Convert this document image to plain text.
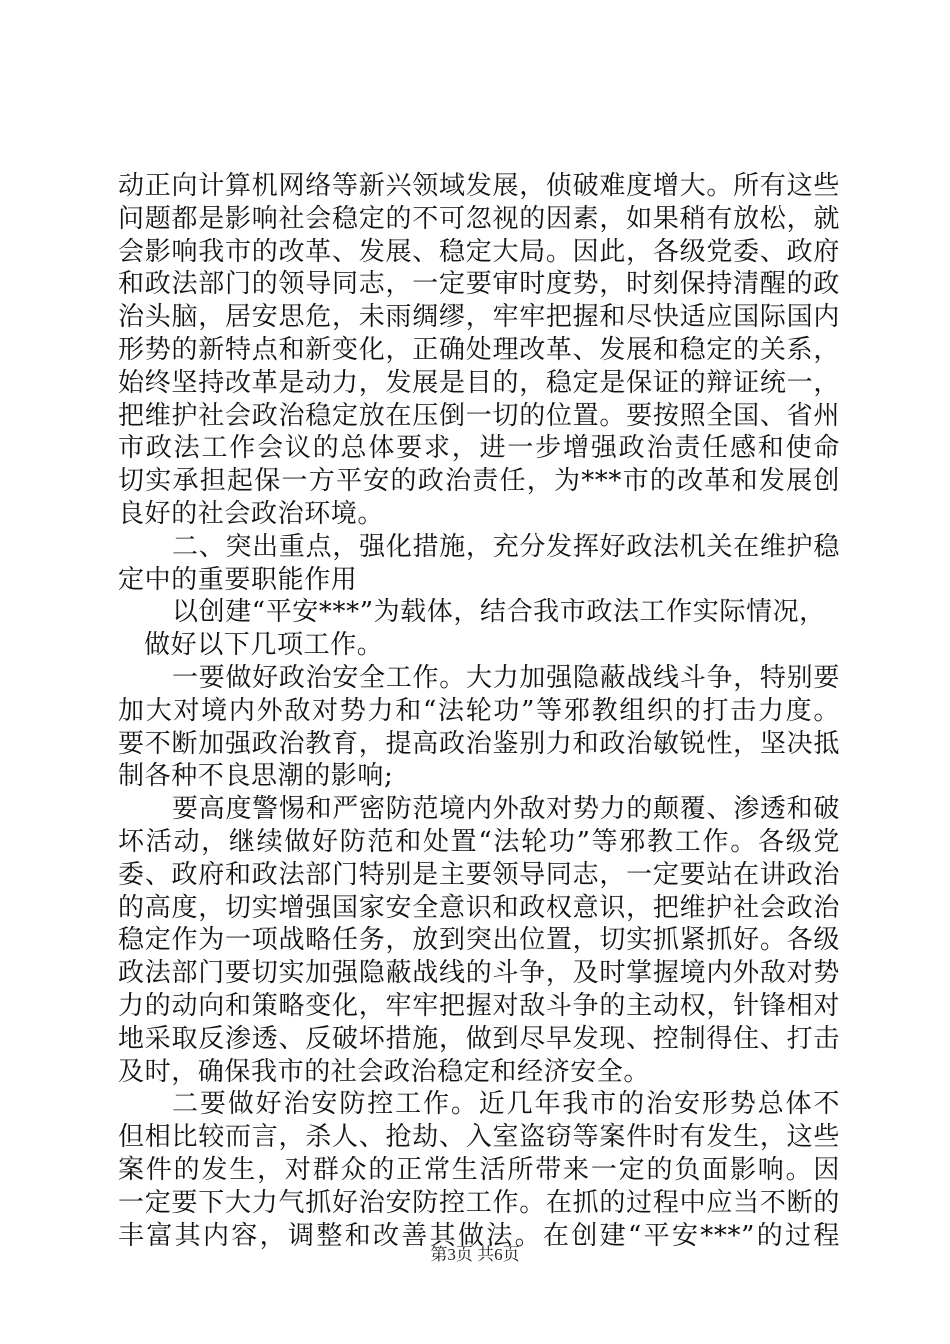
动正向计算机网络等新兴领域发展，侦破难度增大。所有这些
问题都是影响社会稳定的不可忽视的因素，如果稍有放松，就
会影响我市的改革、发展、稳定大局。因此，各级党委、政府
和政法部门的领导同志，一定要审时度势，时刻保持清醒的政
治头脑，居安思危，未雨绸缪，牢牢把握和尽快适应国际国内
形势的新特点和新变化，正确处理改革、发展和稳定的关系，
始终坚持改革是动力，发展是目的，稳定是保证的辩证统一，
把维护社会政治稳定放在压倒一切的位置。要按照全国、省州
市政法工作会议的总体要求，进一步增强政治责任感和使命
切实承担起保一方平安的政治责任，为***市的改革和发展创
良好的社会政治环境。
二、突出重点，强化措施，充分发挥好政法机关在维护稳
定中的重要职能作用
以创建“平安***”为载体，结合我市政法工作实际情况，
做好以下几项工作。
一要做好政治安全工作。大力加强隐蔽战线斗争，特别要
加大对境内外敌对势力和“法轮功”等邪教组织的打击力度。
要不断加强政治教育，提高政治鉴别力和政治敏锐性，坚决抵
制各种不良思潮的影响;
要高度警惕和严密防范境内外敌对势力的颠覆、渗透和破
坏活动，继续做好防范和处置“法轮功”等邪教工作。各级党
委、政府和政法部门特别是主要领导同志，一定要站在讲政治
的高度，切实增强国家安全意识和政权意识，把维护社会政治
稳定作为一项战略任务，放到突出位置，切实抓紧抓好。各级
政法部门要切实加强隐蔽战线的斗争，及时掌握境内外敌对势
力的动向和策略变化，牢牢把握对敌斗争的主动权，针锋相对
地采取反渗透、反破坏措施，做到尽早发现、控制得住、打击
及时，确保我市的社会政治稳定和经济安全。
二要做好治安防控工作。近几年我市的治安形势总体不
但相比较而言，杀人、抢劫、入室盗窃等案件时有发生，这些
案件的发生，对群众的正常生活所带来一定的负面影响。因
一定要下大力气抓好治安防控工作。在抓的过程中应当不断的
丰富其内容，调整和改善其做法。在创建“平安***”的过程
第3页 共6页
